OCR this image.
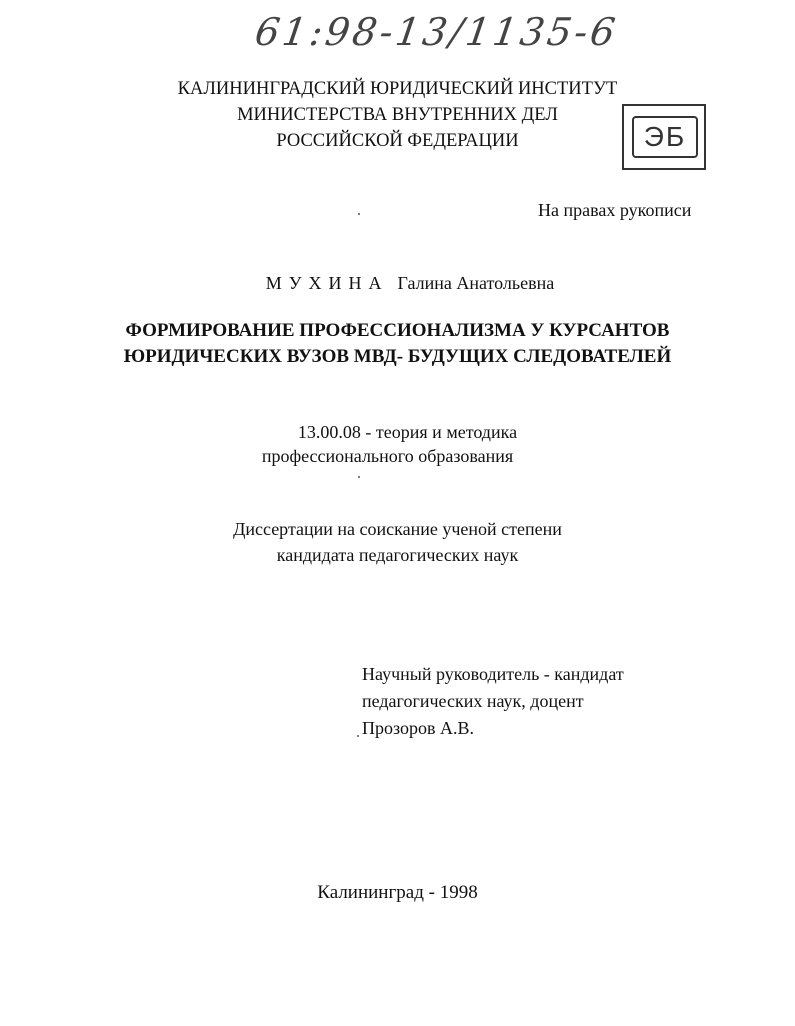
61:98-13/1135-6
КАЛИНИНГРАДСКИЙ ЮРИДИЧЕСКИЙ ИНСТИТУТ
МИНИСТЕРСТВА ВНУТРЕННИХ ДЕЛ
РОССИЙСКОЙ ФЕДЕРАЦИИ	ЭБ
На правах рукописи
МУХИНА Галина Анатольевна
ФОРМИРОВАНИЕ ПРОФЕССИОНАЛИЗМА У КУРСАНТОВ
ЮРИДИЧЕСКИХ ВУЗОВ МВД- БУДУЩИХ СЛЕДОВАТЕЛЕЙ
13.00.08 - теория и методика
профессионального образования
Диссертации на соискание ученой степени
кандидата педагогических наук
Научный руководитель - кандидат
педагогических наук, доцент
Прозоров А.В.
Калининград - 1998
